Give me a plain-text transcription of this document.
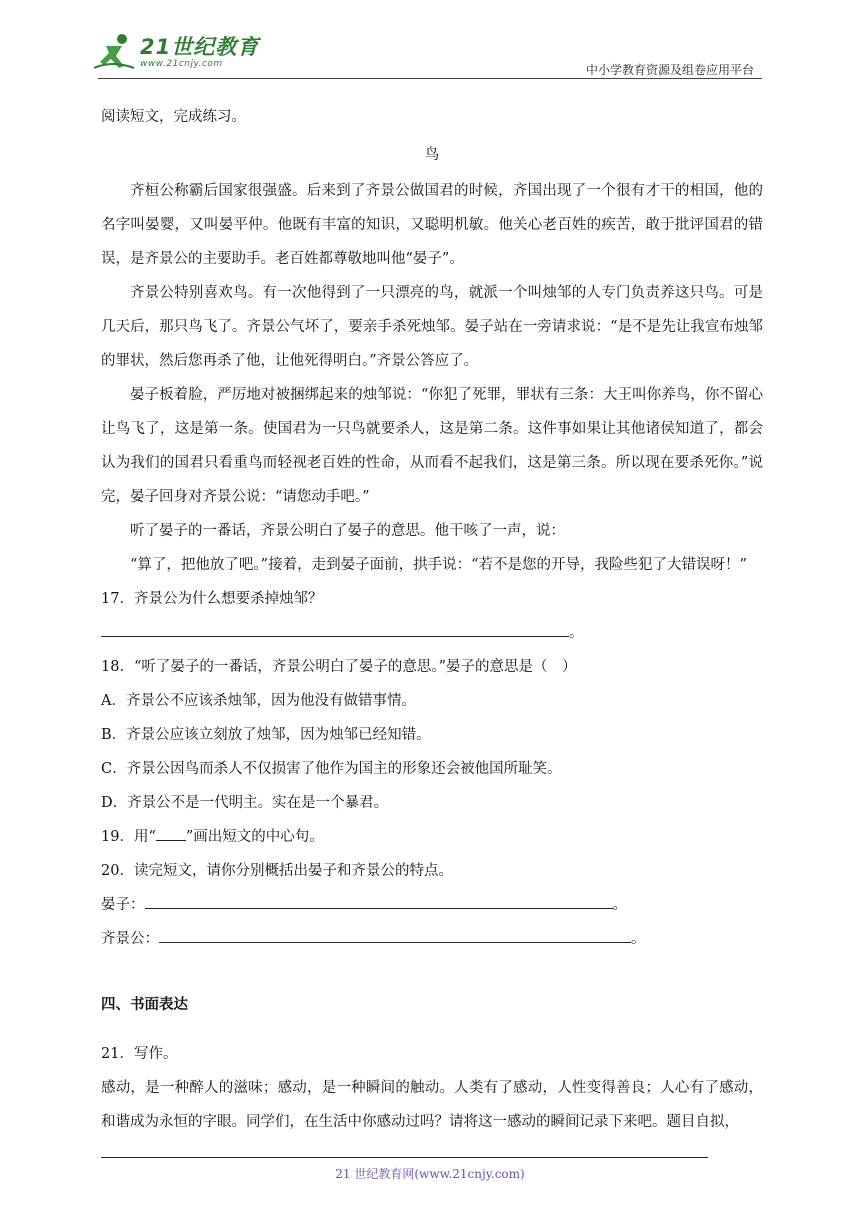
21世纪教育
www.21cnjy.com	中小学教育资源及组卷应用平台

阅读短文，完成练习。

鸟

齐桓公称霸后国家很强盛。后来到了齐景公做国君的时候，齐国出现了一个很有才干的相国，他的名字叫晏婴，又叫晏平仲。他既有丰富的知识，又聪明机敏。他关心老百姓的疾苦，敢于批评国君的错误，是齐景公的主要助手。老百姓都尊敬地叫他“晏子”。

齐景公特别喜欢鸟。有一次他得到了一只漂亮的鸟，就派一个叫烛邹的人专门负责养这只鸟。可是几天后，那只鸟飞了。齐景公气坏了，要亲手杀死烛邹。晏子站在一旁请求说：“是不是先让我宣布烛邹的罪状，然后您再杀了他，让他死得明白。”齐景公答应了。

晏子板着脸，严厉地对被捆绑起来的烛邹说：“你犯了死罪，罪状有三条：大王叫你养鸟，你不留心让鸟飞了，这是第一条。使国君为一只鸟就要杀人，这是第二条。这件事如果让其他诸侯知道了，都会认为我们的国君只看重鸟而轻视老百姓的性命，从而看不起我们，这是第三条。所以现在要杀死你。”说完，晏子回身对齐景公说：“请您动手吧。”

听了晏子的一番话，齐景公明白了晏子的意思。他干咳了一声，说：

“算了，把他放了吧。”接着，走到晏子面前，拱手说：“若不是您的开导，我险些犯了大错误呀！”

17．齐景公为什么想要杀掉烛邹？

。

18．“听了晏子的一番话，齐景公明白了晏子的意思。”晏子的意思是（　）

A．齐景公不应该杀烛邹，因为他没有做错事情。

B．齐景公应该立刻放了烛邹，因为烛邹已经知错。

C．齐景公因鸟而杀人不仅损害了他作为国主的形象还会被他国所耻笑。

D．齐景公不是一代明主。实在是一个暴君。

19．用“ ”画出短文的中心句。

20．读完短文，请你分别概括出晏子和齐景公的特点。

晏子：	。

齐景公：	。

四、书面表达

21．写作。

感动，是一种醉人的滋味；感动，是一种瞬间的触动。人类有了感动，人性变得善良；人心有了感动，和谐成为永恒的字眼。同学们，在生活中你感动过吗？请将这一感动的瞬间记录下来吧。题目自拟，

21 世纪教育网(www.21cnjy.com)
